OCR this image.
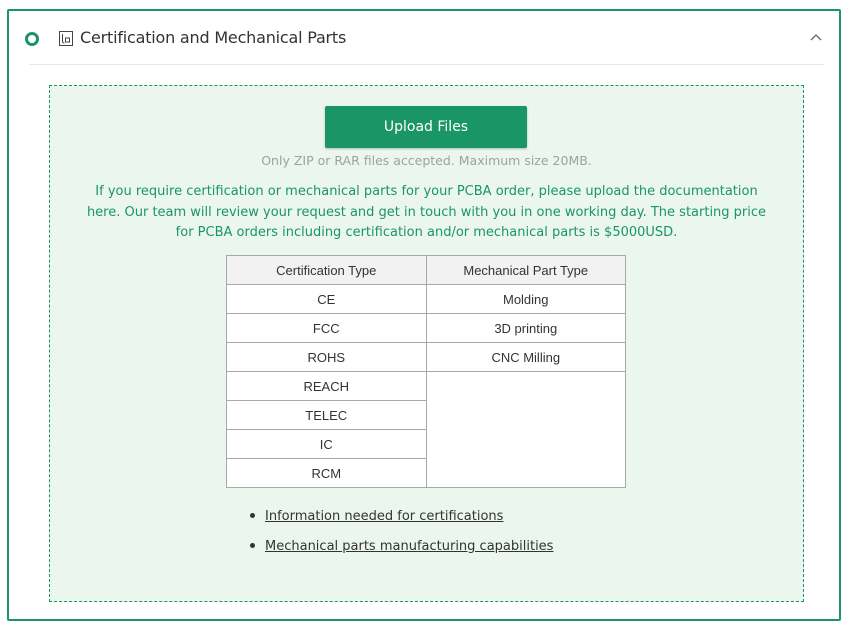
Certification and Mechanical Parts
Upload Files
Only ZIP or RAR files accepted. Maximum size 20MB.
If you require certification or mechanical parts for your PCBA order, please upload the documentation here. Our team will review your request and get in touch with you in one working day. The starting price for PCBA orders including certification and/or mechanical parts is $5000USD.
Certification Type	Mechanical Part Type
CE	Molding
FCC	3D printing
ROHS	CNC Milling
REACH	
TELEC	
IC	
RCM	
Information needed for certifications
Mechanical parts manufacturing capabilities
